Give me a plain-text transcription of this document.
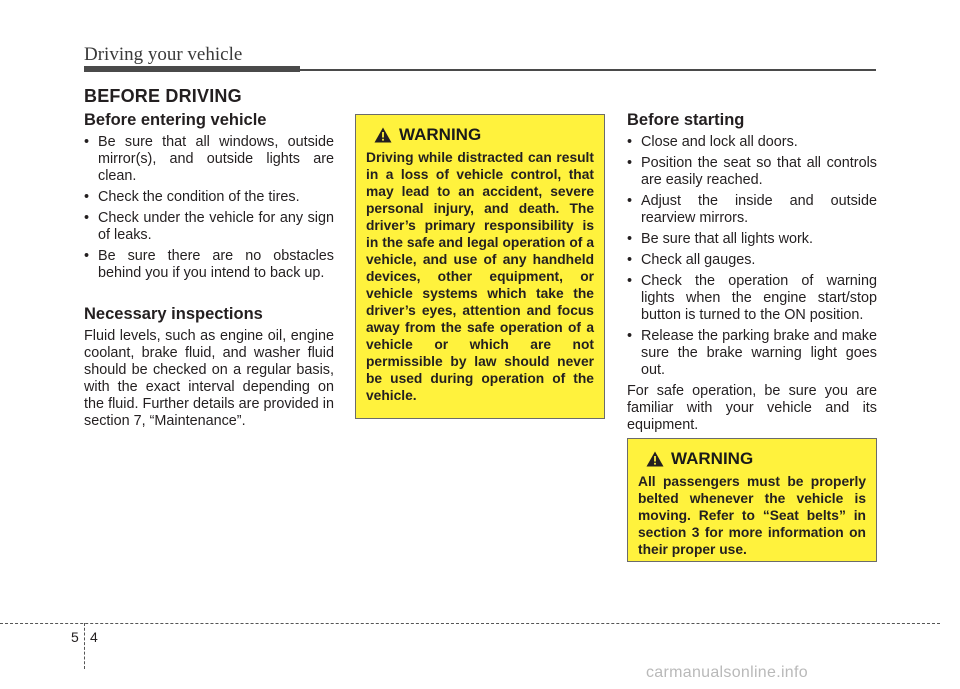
Driving your vehicle
BEFORE DRIVING
Before entering vehicle
• Be sure that all windows, outside mirror(s), and outside lights are clean.
• Check the condition of the tires.
• Check under the vehicle for any sign of leaks.
• Be sure there are no obstacles behind you if you intend to back up.
Necessary inspections

Fluid levels, such as engine oil, engine coolant, brake fluid, and washer fluid should be checked on a regular basis, with the exact interval depending on the fluid. Further details are provided in section 7, “Maintenance”.

WARNING

Driving while distracted can result in a loss of vehicle control, that may lead to an accident, severe personal injury, and death. The driver’s primary responsibility is in the safe and legal operation of a vehicle, and use of any handheld devices, other equipment, or vehicle systems which take the driver’s eyes, attention and focus away from the safe operation of a vehicle or which are not permissible by law should never be used during operation of the vehicle.

Before starting
• Close and lock all doors.
• Position the seat so that all controls are easily reached.
• Adjust the inside and outside rearview mirrors.
• Be sure that all lights work.
• Check all gauges.
• Check the operation of warning lights when the engine start/stop button is turned to the ON position.
• Release the parking brake and make sure the brake warning light goes out.

For safe operation, be sure you are familiar with your vehicle and its equipment.

WARNING

All passengers must be properly belted whenever the vehicle is moving. Refer to “Seat belts” in section 3 for more information on their proper use.

5 4
carmanualsonline.info
